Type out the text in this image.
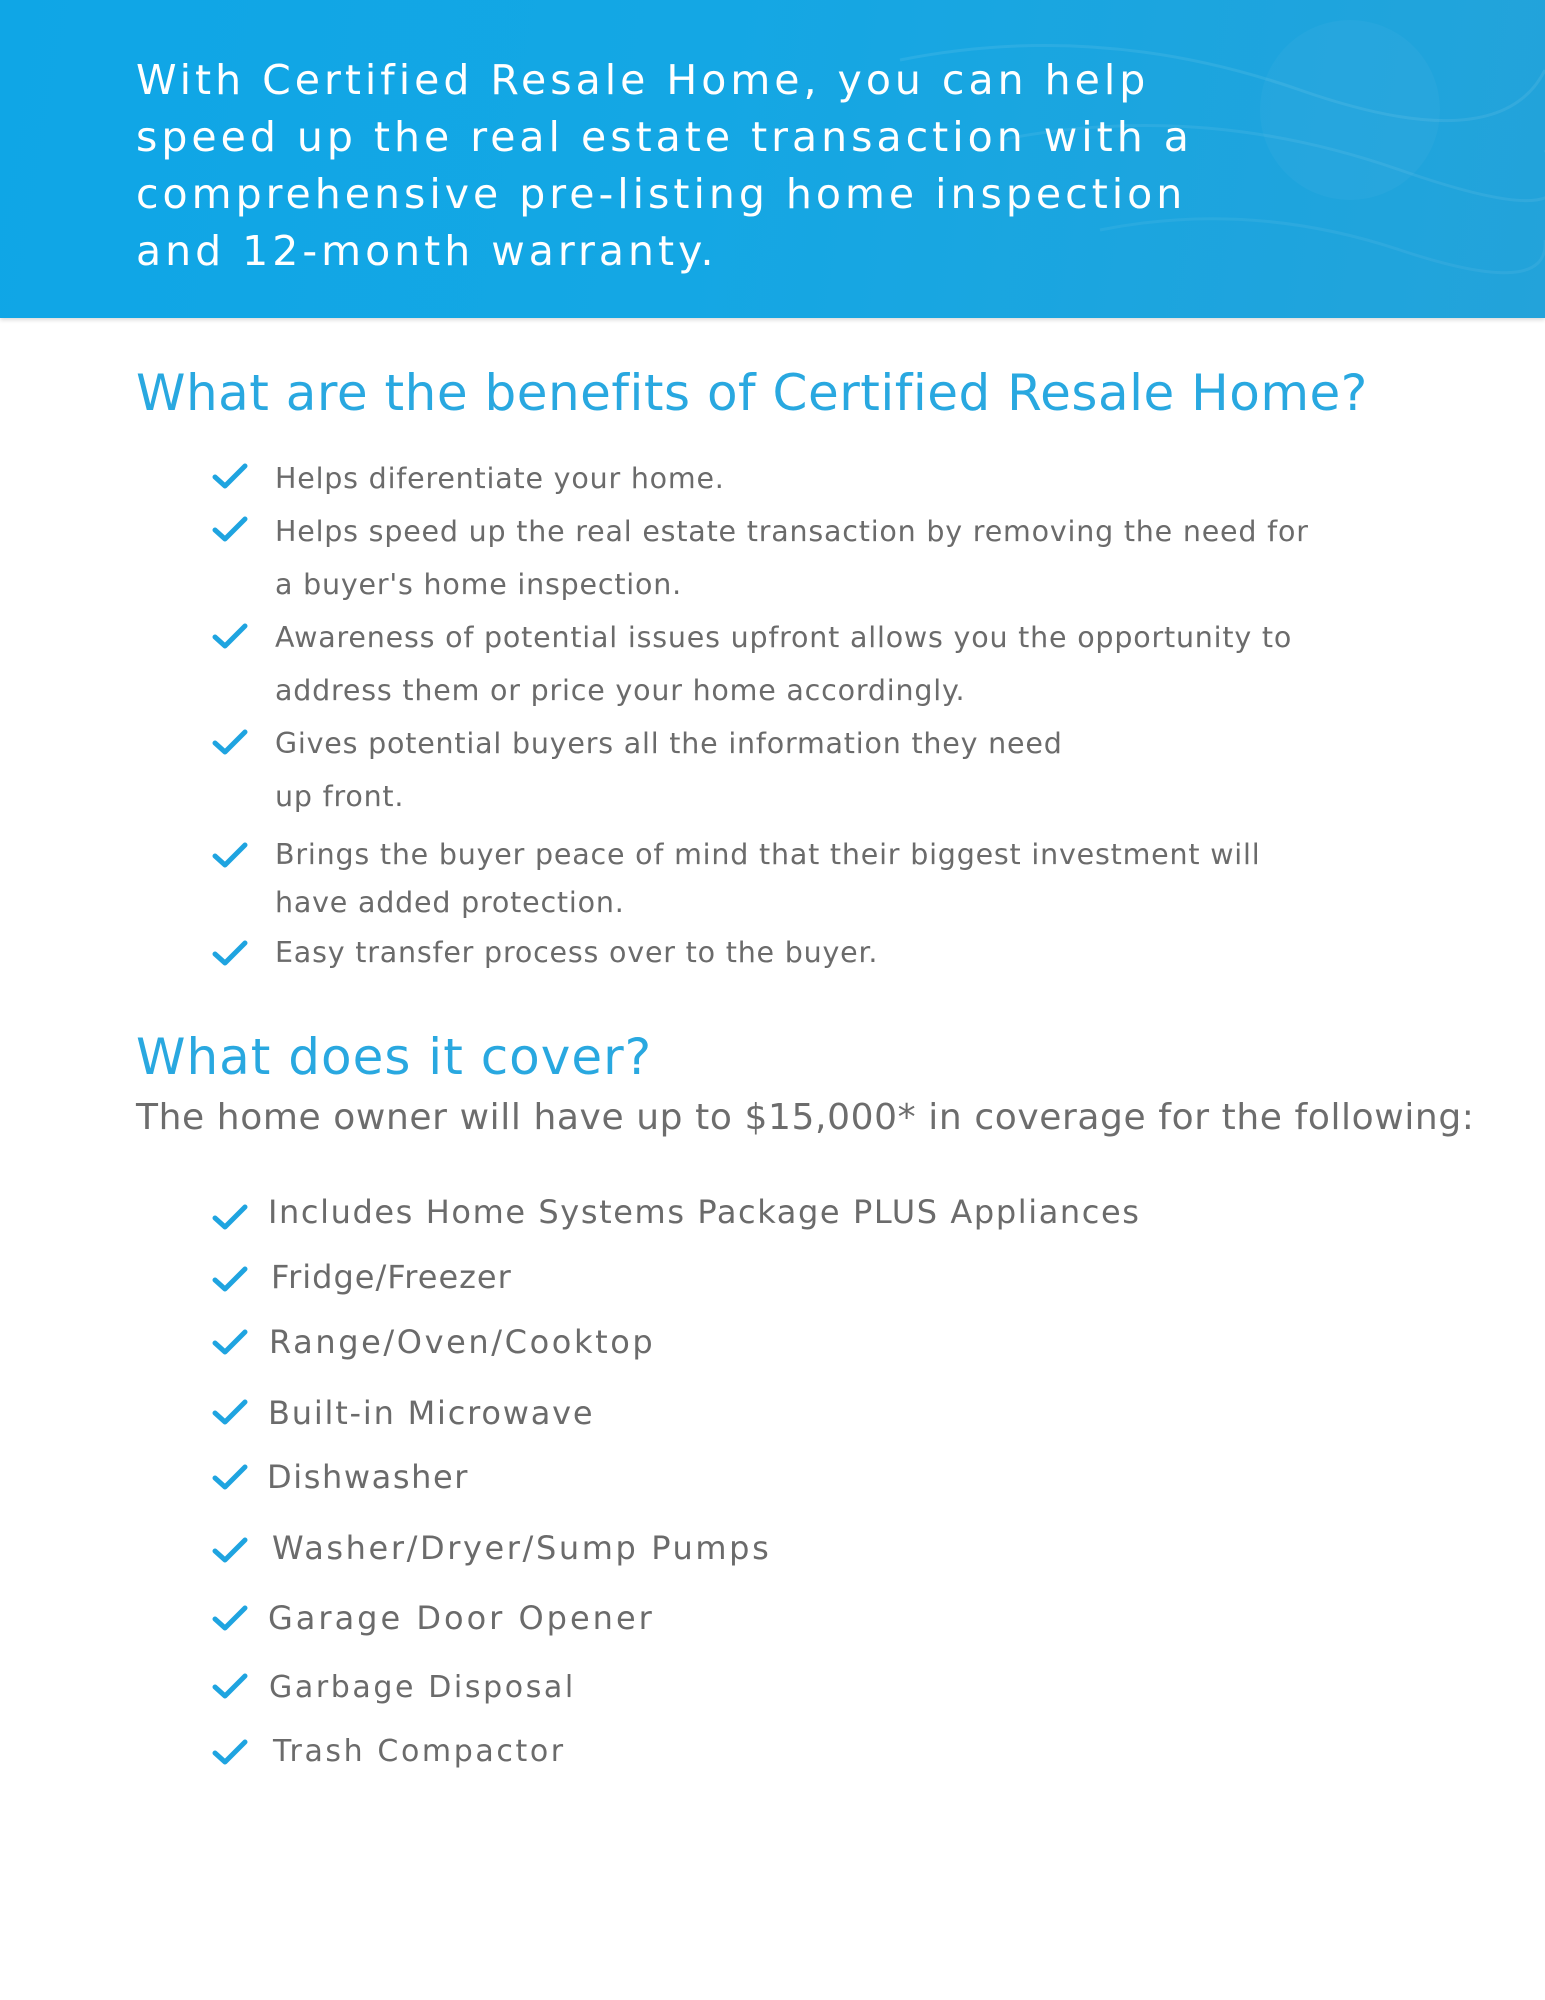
With Certified Resale Home, you can help
speed up the real estate transaction with a
comprehensive pre-listing home inspection
and 12-month warranty.

What are the benefits of Certified Resale Home?

Helps diferentiate your home.

Helps speed up the real estate transaction by removing the need for
a buyer's home inspection.

Awareness of potential issues upfront allows you the opportunity to
address them or price your home accordingly.

Gives potential buyers all the information they need
up front.

Brings the buyer peace of mind that their biggest investment will
have added protection.

Easy transfer process over to the buyer.

What does it cover?

The home owner will have up to $15,000* in coverage for the following:

Includes Home Systems Package PLUS Appliances

Fridge/Freezer

Range/Oven/Cooktop

Built-in Microwave

Dishwasher

Washer/Dryer/Sump Pumps

Garage Door Opener

Garbage Disposal

Trash Compactor
